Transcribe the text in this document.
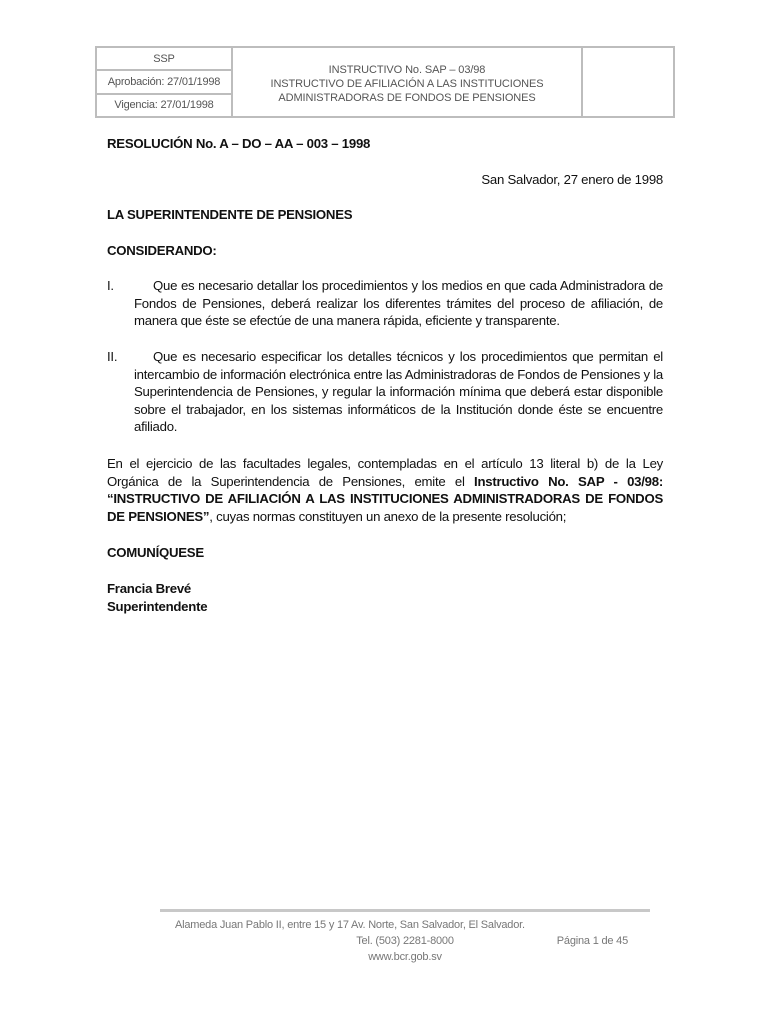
SSP
Aprobación: 27/01/1998
Vigencia: 27/01/1998
INSTRUCTIVO No. SAP – 03/98
INSTRUCTIVO DE AFILIACIÓN A LAS INSTITUCIONES
ADMINISTRADORAS DE FONDOS DE PENSIONES
RESOLUCIÓN No. A – DO – AA – 003 – 1998
San Salvador, 27 enero de 1998
LA SUPERINTENDENTE DE PENSIONES
CONSIDERANDO:
I.	Que es necesario detallar los procedimientos y los medios en que cada Administradora de Fondos de Pensiones, deberá realizar los diferentes trámites del proceso de afiliación, de manera que éste se efectúe de una manera rápida, eficiente y transparente.
II.	Que es necesario especificar los detalles técnicos y los procedimientos que permitan el intercambio de información electrónica entre las Administradoras de Fondos de Pensiones y la Superintendencia de Pensiones, y regular la información mínima que deberá estar disponible sobre el trabajador, en los sistemas informáticos de la Institución donde éste se encuentre afiliado.
En el ejercicio de las facultades legales, contempladas en el artículo 13 literal b) de la Ley Orgánica de la Superintendencia de Pensiones, emite el Instructivo No. SAP - 03/98: “INSTRUCTIVO DE AFILIACIÓN A LAS INSTITUCIONES ADMINISTRADORAS DE FONDOS DE PENSIONES”, cuyas normas constituyen un anexo de la presente resolución;
COMUNÍQUESE
Francia Brevé
Superintendente
Alameda Juan Pablo II, entre 15 y 17 Av. Norte, San Salvador, El Salvador.
Tel. (503) 2281-8000	Página 1 de 45
www.bcr.gob.sv
